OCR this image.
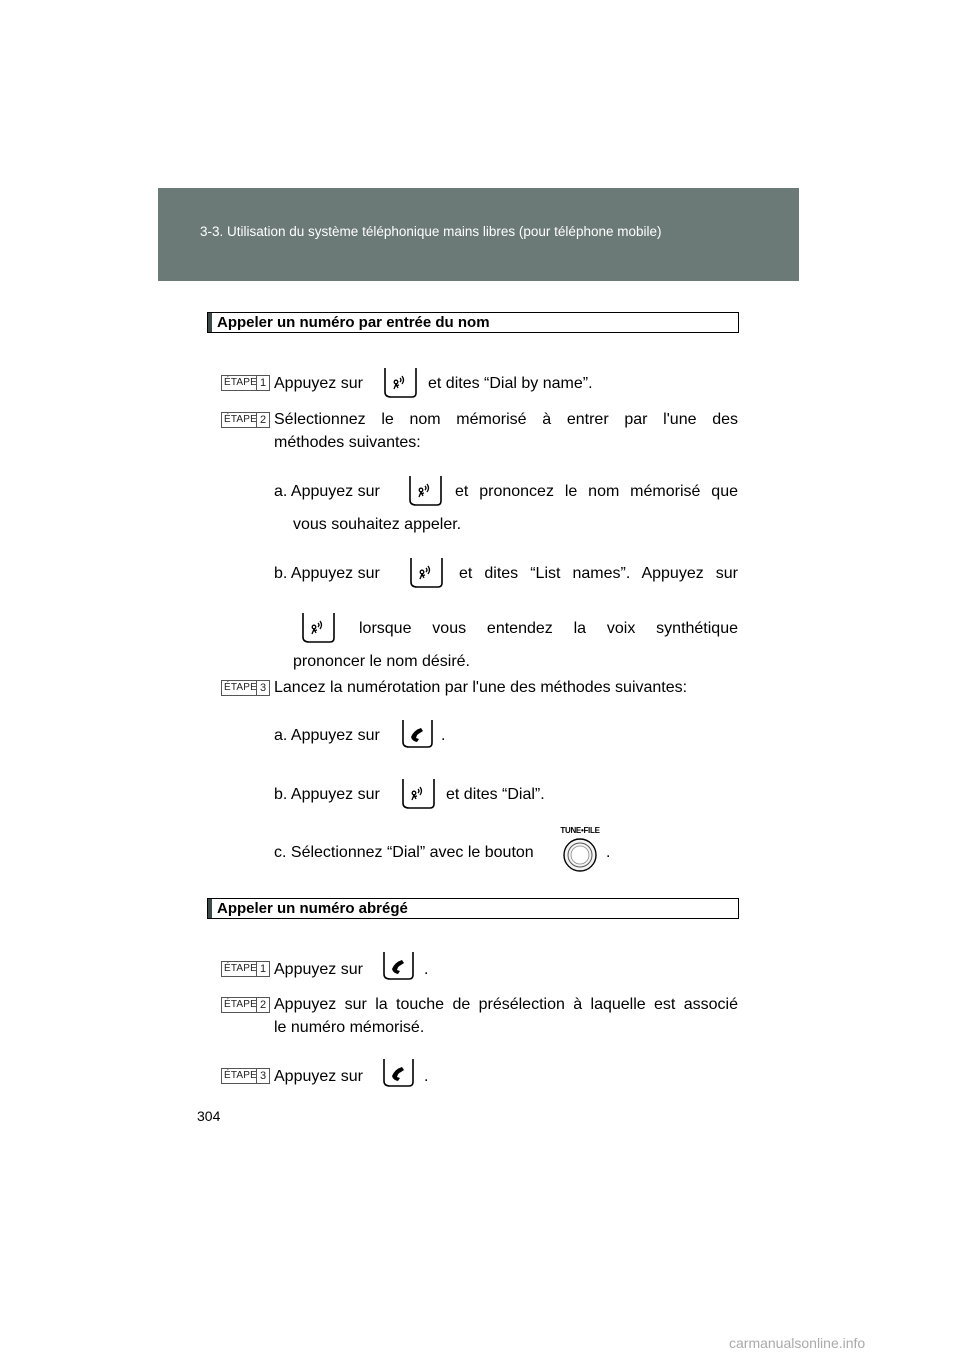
3-3. Utilisation du système téléphonique mains libres (pour téléphone mobile)
Appeler un numéro par entrée du nom
ÉTAPE 1 Appuyez sur	et dites “Dial by name”.
ÉTAPE 2 Sélectionnez le nom mémorisé à entrer par l'une des
méthodes suivantes:
a. Appuyez sur	et prononcez le nom mémorisé que
vous souhaitez appeler.
b. Appuyez sur	et dites “List names”. Appuyez sur
lorsque vous entendez la voix synthétique
prononcer le nom désiré.
ÉTAPE 3 Lancez la numérotation par l'une des méthodes suivantes:
a. Appuyez sur	.
b. Appuyez sur	et dites “Dial”.
c. Sélectionnez “Dial” avec le bouton
TUNE•FILE
.
Appeler un numéro abrégé
ÉTAPE 1 Appuyez sur	.
ÉTAPE 2 Appuyez sur la touche de présélection à laquelle est associé
le numéro mémorisé.
ÉTAPE 3 Appuyez sur	.
304
carmanualsonline.info
